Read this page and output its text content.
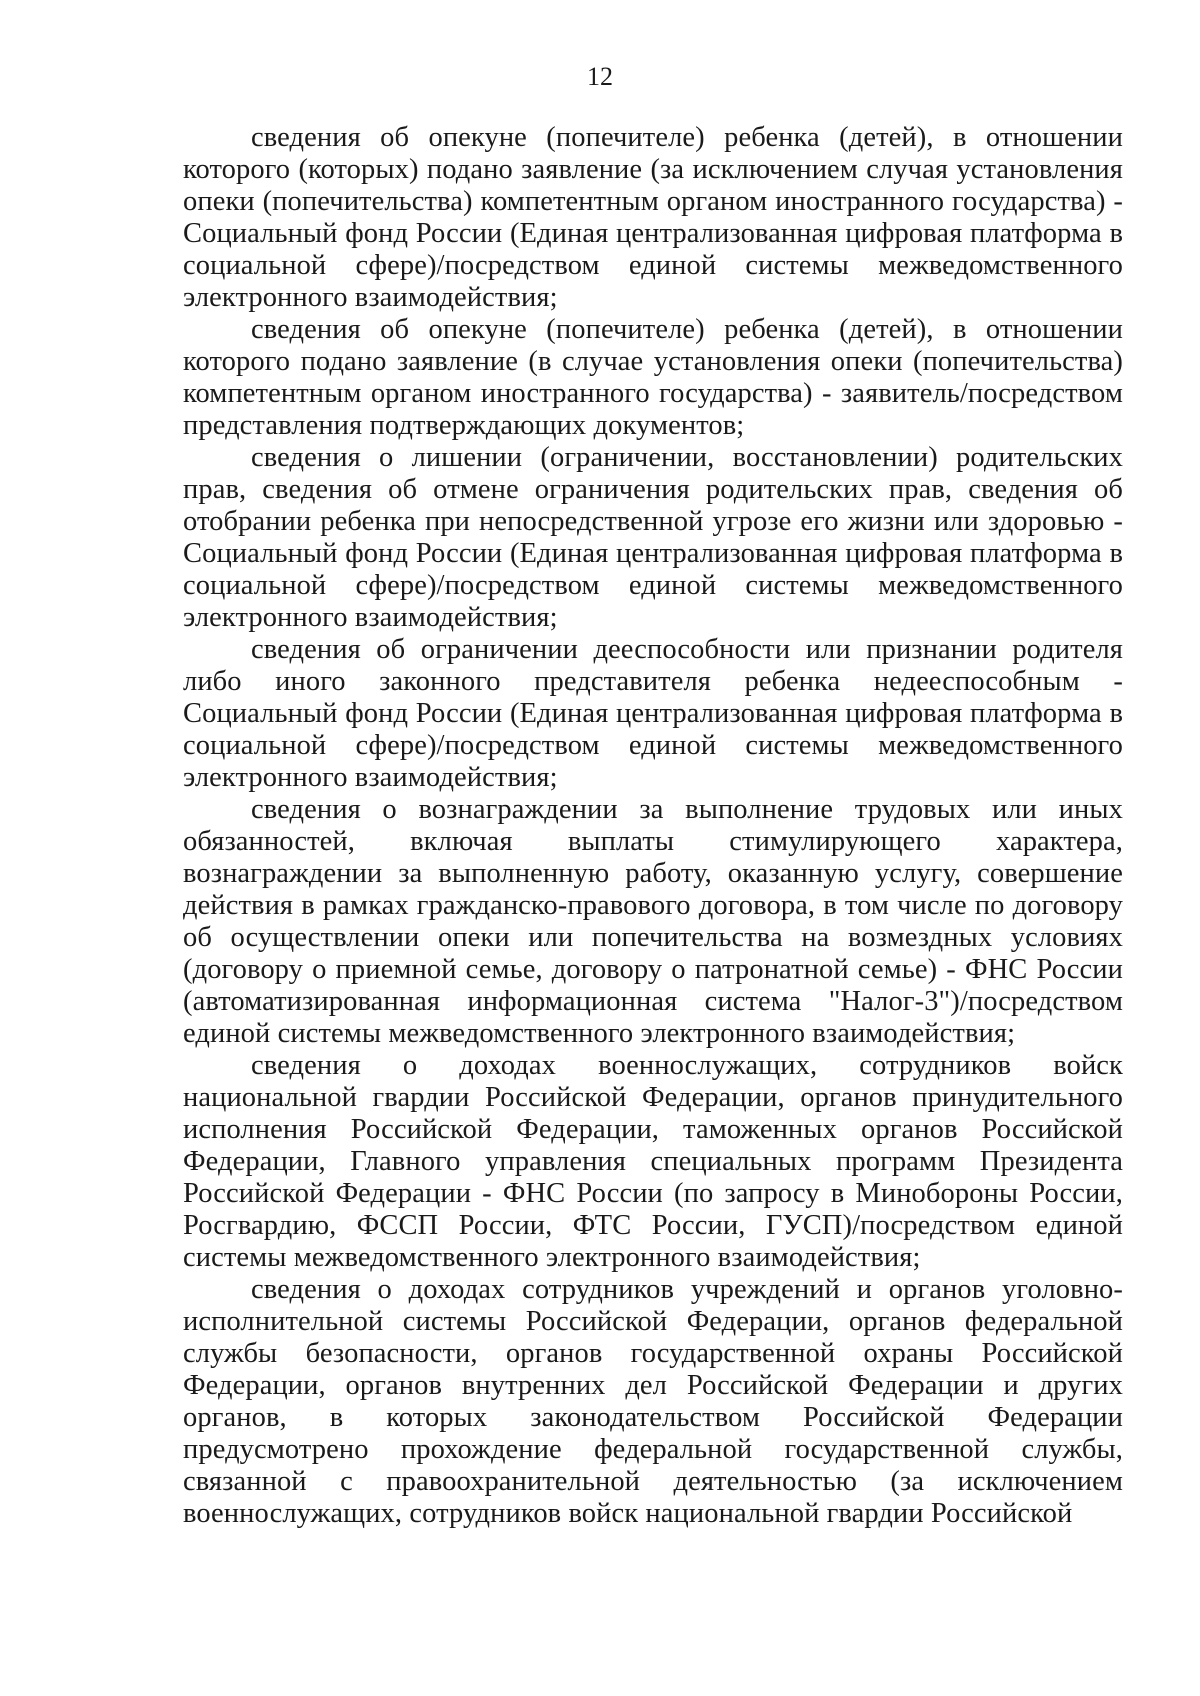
12

сведения об опекуне (попечителе) ребенка (детей), в отношении которого (которых) подано заявление (за исключением случая установления опеки (попечительства) компетентным органом иностранного государства) - Социальный фонд России (Единая централизованная цифровая платформа в социальной сфере)/посредством единой системы межведомственного электронного взаимодействия;

сведения об опекуне (попечителе) ребенка (детей), в отношении которого подано заявление (в случае установления опеки (попечительства) компетентным органом иностранного государства) - заявитель/посредством представления подтверждающих документов;

сведения о лишении (ограничении, восстановлении) родительских прав, сведения об отмене ограничения родительских прав, сведения об отобрании ребенка при непосредственной угрозе его жизни или здоровью - Социальный фонд России (Единая централизованная цифровая платформа в социальной сфере)/посредством единой системы межведомственного электронного взаимодействия;

сведения об ограничении дееспособности или признании родителя либо иного законного представителя ребенка недееспособным - Социальный фонд России (Единая централизованная цифровая платформа в социальной сфере)/посредством единой системы межведомственного электронного взаимодействия;

сведения о вознаграждении за выполнение трудовых или иных обязанностей, включая выплаты стимулирующего характера, вознаграждении за выполненную работу, оказанную услугу, совершение действия в рамках гражданско-правового договора, в том числе по договору об осуществлении опеки или попечительства на возмездных условиях (договору о приемной семье, договору о патронатной семье) - ФНС России (автоматизированная информационная система "Налог-3")/посредством единой системы межведомственного электронного взаимодействия;

сведения о доходах военнослужащих, сотрудников войск национальной гвардии Российской Федерации, органов принудительного исполнения Российской Федерации, таможенных органов Российской Федерации, Главного управления специальных программ Президента Российской Федерации - ФНС России (по запросу в Минобороны России, Росгвардию, ФССП России, ФТС России, ГУСП)/посредством единой системы межведомственного электронного взаимодействия;

сведения о доходах сотрудников учреждений и органов уголовно-исполнительной системы Российской Федерации, органов федеральной службы безопасности, органов государственной охраны Российской Федерации, органов внутренних дел Российской Федерации и других органов, в которых законодательством Российской Федерации предусмотрено прохождение федеральной государственной службы, связанной с правоохранительной деятельностью (за исключением военнослужащих, сотрудников войск национальной гвардии Российской
